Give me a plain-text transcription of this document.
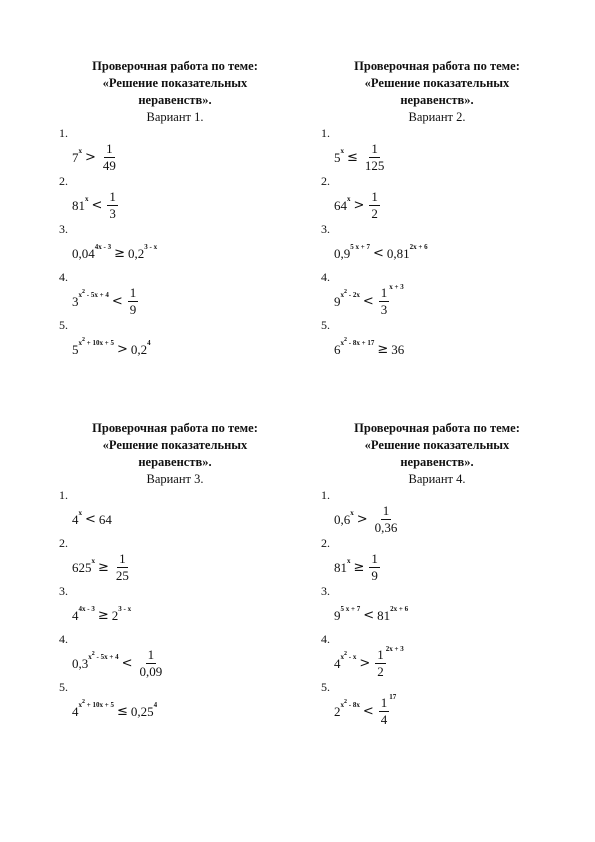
Проверочная работа по теме:
«Решение показательных
неравенств».
Вариант 1.
1.
7 $^x > \frac{1}{49}$
2.
81 $^x < \frac{1}{3}$
3.
0,04 $^{4x - 3} \ge 0,2^{3 - x}$
4.
3 $^{x^2 - 5x + 4} < \frac{1}{9}$
5.
5 $^{x^2 + 10x + 5} > 0,2^4$
Проверочная работа по теме:
«Решение показательных
неравенств».
Вариант 2.
1.
5 $^x \le \frac{1}{125}$
2.
64 $^x > \frac{1}{2}$
3.
0,9 $^{5 x + 7} < 0,81^{2x + 6}$
4.
9 $^{x^2 - 2x} < \frac{1}{3}^{x + 3}$
5.
6 $^{x^2 - 8x + 17}$ ≥ 36
Проверочная работа по теме:
«Решение показательных
неравенств».
Вариант 3.
1.
4 $^x$ < 64
2.
625 $^x \ge \frac{1}{25}$
3.
4 $^{4x - 3} \ge 2^{3 - x}$
4.
0,3 $^{x^2 - 5x + 4} < \frac{1}{0,09}$
5.
4 $^{x^2 + 10x + 5} \le 0,25^4$
Проверочная работа по теме:
«Решение показательных
неравенств».
Вариант 4.
1.
0,6 $^x > \frac{1}{0,36}$
2.
81 $^x \ge \frac{1}{9}$
3.
9 $^{5 x + 7} < 81^{2x + 6}$
4.
4 $^{x^2 - x} > \frac{1}{2}^{2x + 3}$
5.
2 $^{x^2 - 8x} < \frac{1}{4}^{17}$
